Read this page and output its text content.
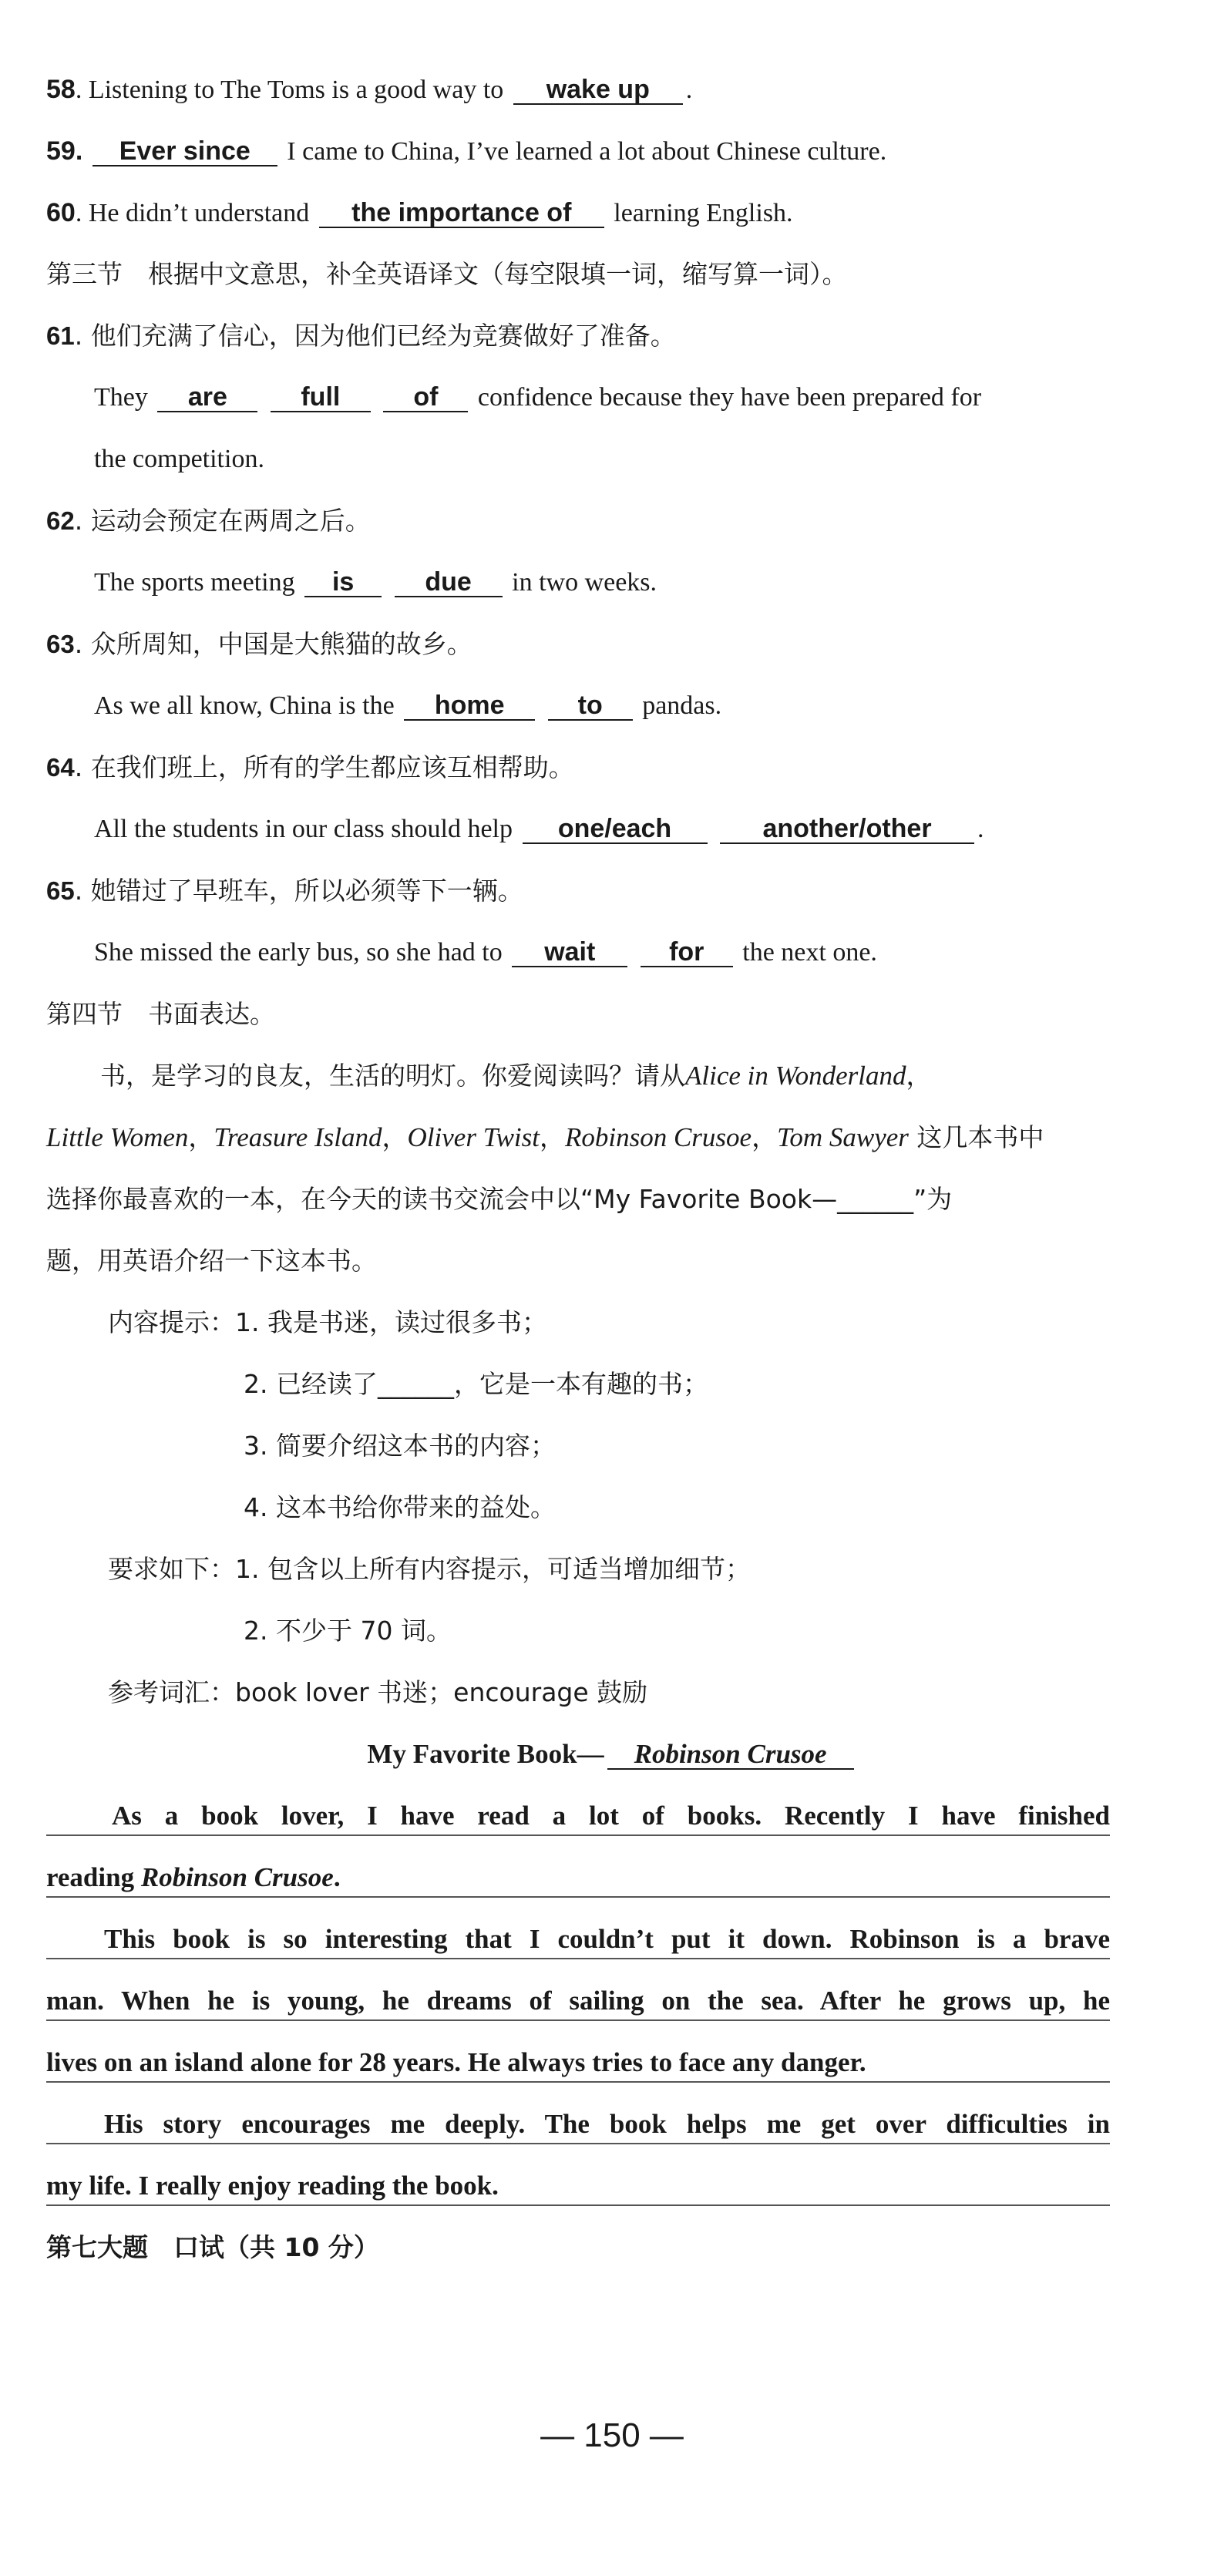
58. Listening to The Toms is a good way to wake up .
59. Ever since I came to China, I’ve learned a lot about Chinese culture.
60. He didn’t understand the importance of learning English.
第三节　根据中文意思，补全英语译文（每空限填一词，缩写算一词）。
61. 他们充满了信心，因为他们已经为竞赛做好了准备。
They are	full	of confidence because they have been prepared for
the competition.
62. 运动会预定在两周之后。
The sports meeting is	due in two weeks.
63. 众所周知，中国是大熊猫的故乡。
As we all know, China is the home	to pandas.
64. 在我们班上，所有的学生都应该互相帮助。
All the students in our class should help one/each	another/other .
65. 她错过了早班车，所以必须等下一辆。
She missed the early bus, so she had to wait	for the next one.
第四节　书面表达。
书，是学习的良友，生活的明灯。你爱阅读吗？请从Alice in Wonderland，
Little Women，Treasure Island，Oliver Twist，Robinson Crusoe，Tom Sawyer 这几本书中
选择你最喜欢的一本，在今天的读书交流会中以“My Favorite Book—______”为
题，用英语介绍一下这本书。
内容提示：1. 我是书迷，读过很多书；
2. 已经读了______，它是一本有趣的书；
3. 简要介绍这本书的内容；
4. 这本书给你带来的益处。
要求如下：1. 包含以上所有内容提示，可适当增加细节；
2. 不少于 70 词。
参考词汇：book lover 书迷；encourage 鼓励
My Favorite Book— Robinson Crusoe
As a book lover, I have read a lot of books. Recently I have finished
reading Robinson Crusoe.
This book is so interesting that I couldn’t put it down. Robinson is a brave
man. When he is young, he dreams of sailing on the sea. After he grows up, he
lives on an island alone for 28 years. He always tries to face any danger.
His story encourages me deeply. The book helps me get over difficulties in
my life. I really enjoy reading the book.
第七大题　口试（共 10 分）
— 150 —
